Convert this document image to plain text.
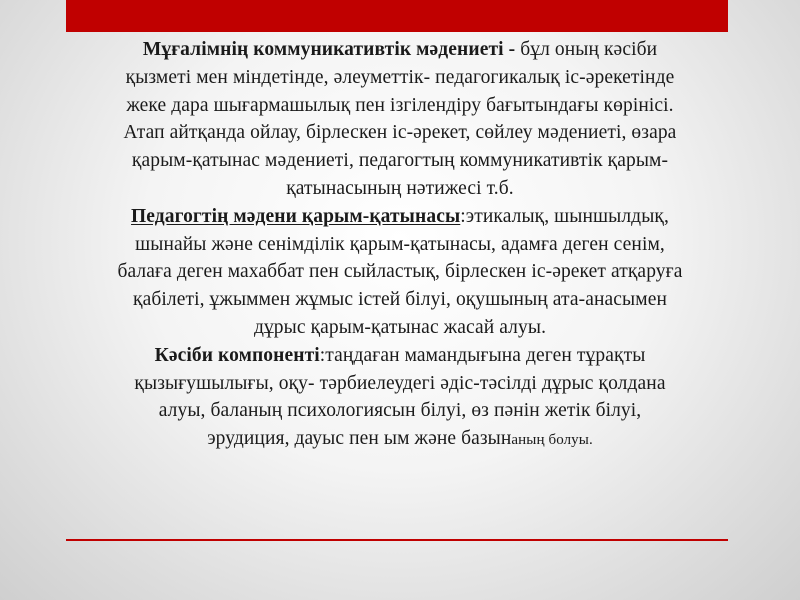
Мұғалімнің коммуникативтік мәдениеті - бұл оның кәсіби
қызметі мен міндетінде, әлеуметтік- педагогикалық іс-әрекетінде
жеке дара шығармашылық пен ізгілендіру бағытындағы көрінісі.
Атап айтқанда ойлау, бірлескен іс-әрекет, сөйлеу мәдениеті, өзара
қарым-қатынас мәдениеті, педагогтың коммуникативтік қарым-
қатынасының нәтижесі т.б.
Педагогтің мәдени қарым-қатынасы:этикалық, шыншылдық,
шынайы және сенімділік қарым-қатынасы, адамға деген сенім,
балаға деген махаббат пен сыйластық, бірлескен іс-әрекет атқаруға
қабілеті, ұжыммен жұмыс істей білуі, оқушының ата-анасымен
дұрыс қарым-қатынас жасай алуы.
Кәсіби компоненті:таңдаған мамандығына деген тұрақты
қызығушылығы, оқу- тәрбиелеудегі әдіс-тәсілді дұрыс қолдана
алуы, баланың психологиясын білуі, өз пәнін жетік білуі,
эрудиция, дауыс пен ым және базынаның болуы.
